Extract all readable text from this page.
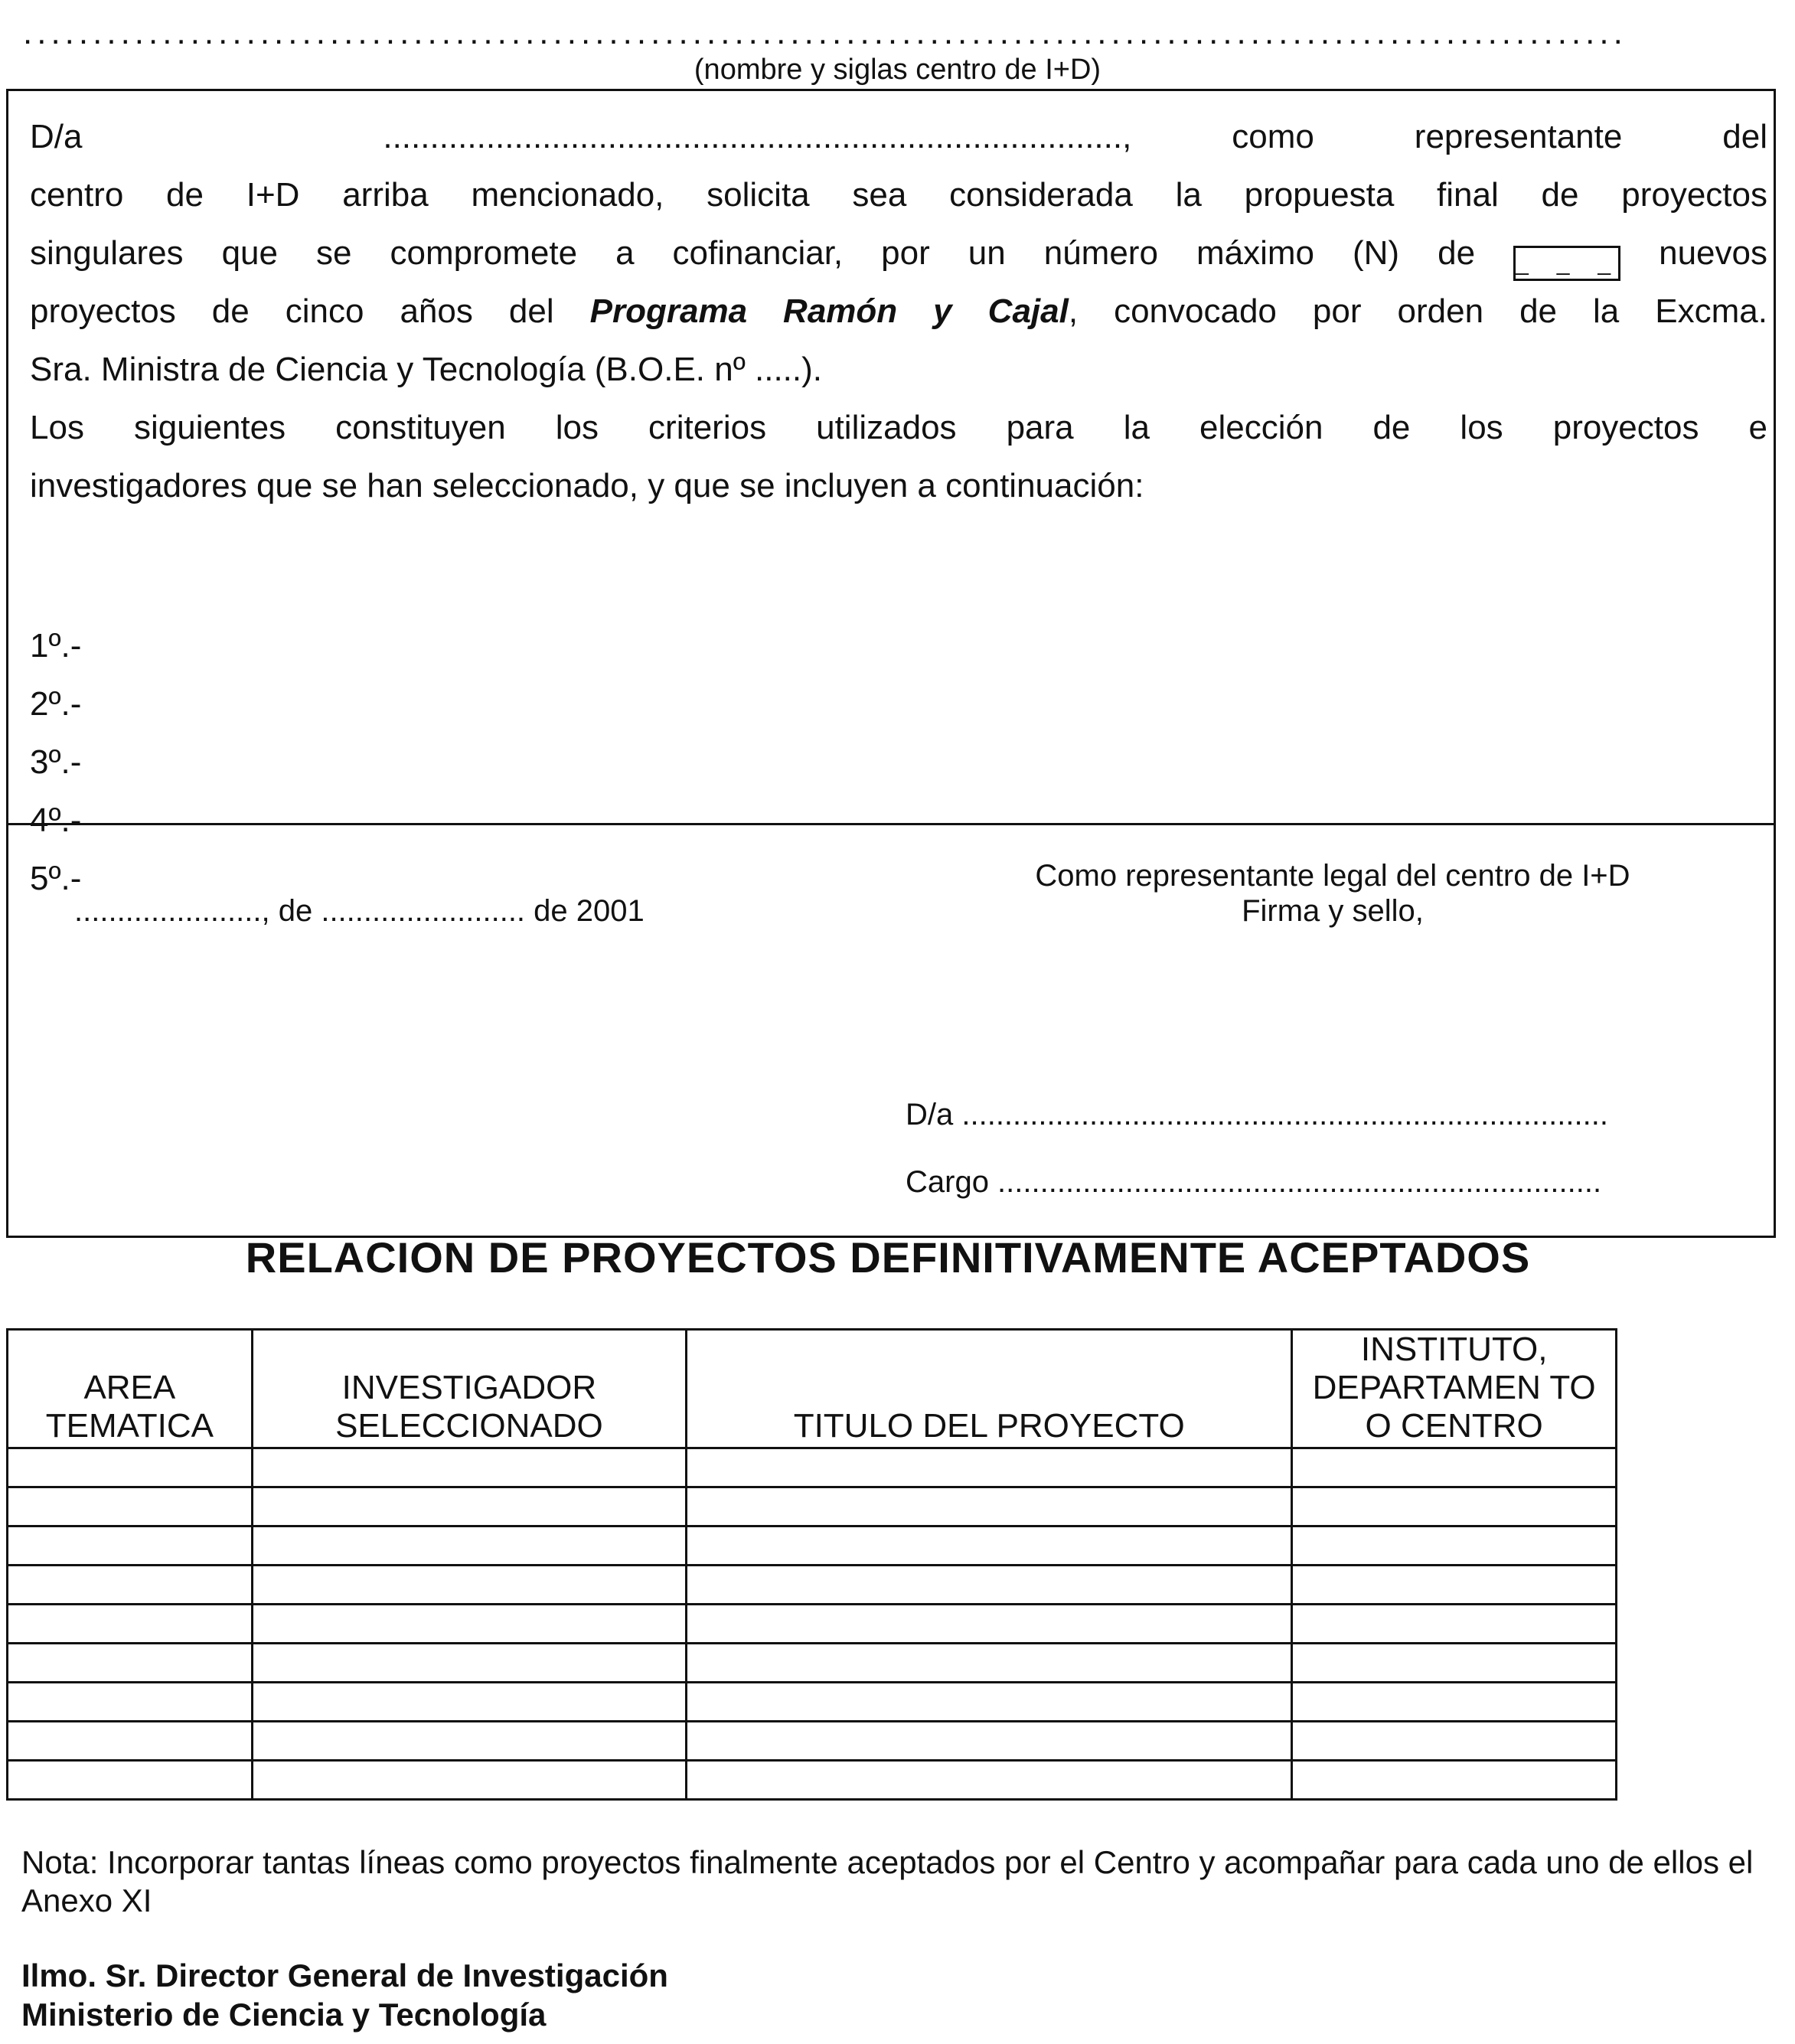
...................................................................................................................
(nombre y siglas centro de I+D)
D/a	...............................................................................,	como representante del
centro de I+D arriba mencionado, solicita sea considerada la propuesta final de proyectos
singulares que se compromete a cofinanciar, por un número máximo (N) de _ _ _ nuevos
proyectos de cinco años del Programa Ramón y Cajal, convocado por orden de la Excma.
Sra. Ministra de Ciencia y Tecnología (B.O.E. nº .....).
Los siguientes constituyen los criterios utilizados para la elección de los proyectos e
investigadores que se han seleccionado, y que se incluyen a continuación:
1º.-
2º.-
3º.-
4º.-
5º.-
......................, de ........................ de 2001
Como representante legal del centro de I+D
Firma y sello,
D/a ............................................................................
Cargo .......................................................................
RELACION DE PROYECTOS DEFINITIVAMENTE ACEPTADOS
AREA TEMATICA	INVESTIGADOR SELECCIONADO	TITULO DEL PROYECTO	INSTITUTO, DEPARTAMEN TO O CENTRO

Nota: Incorporar tantas líneas como proyectos finalmente aceptados por el Centro y acompañar para cada uno de ellos el Anexo XI
Ilmo. Sr. Director General de Investigación
Ministerio de Ciencia y Tecnología
